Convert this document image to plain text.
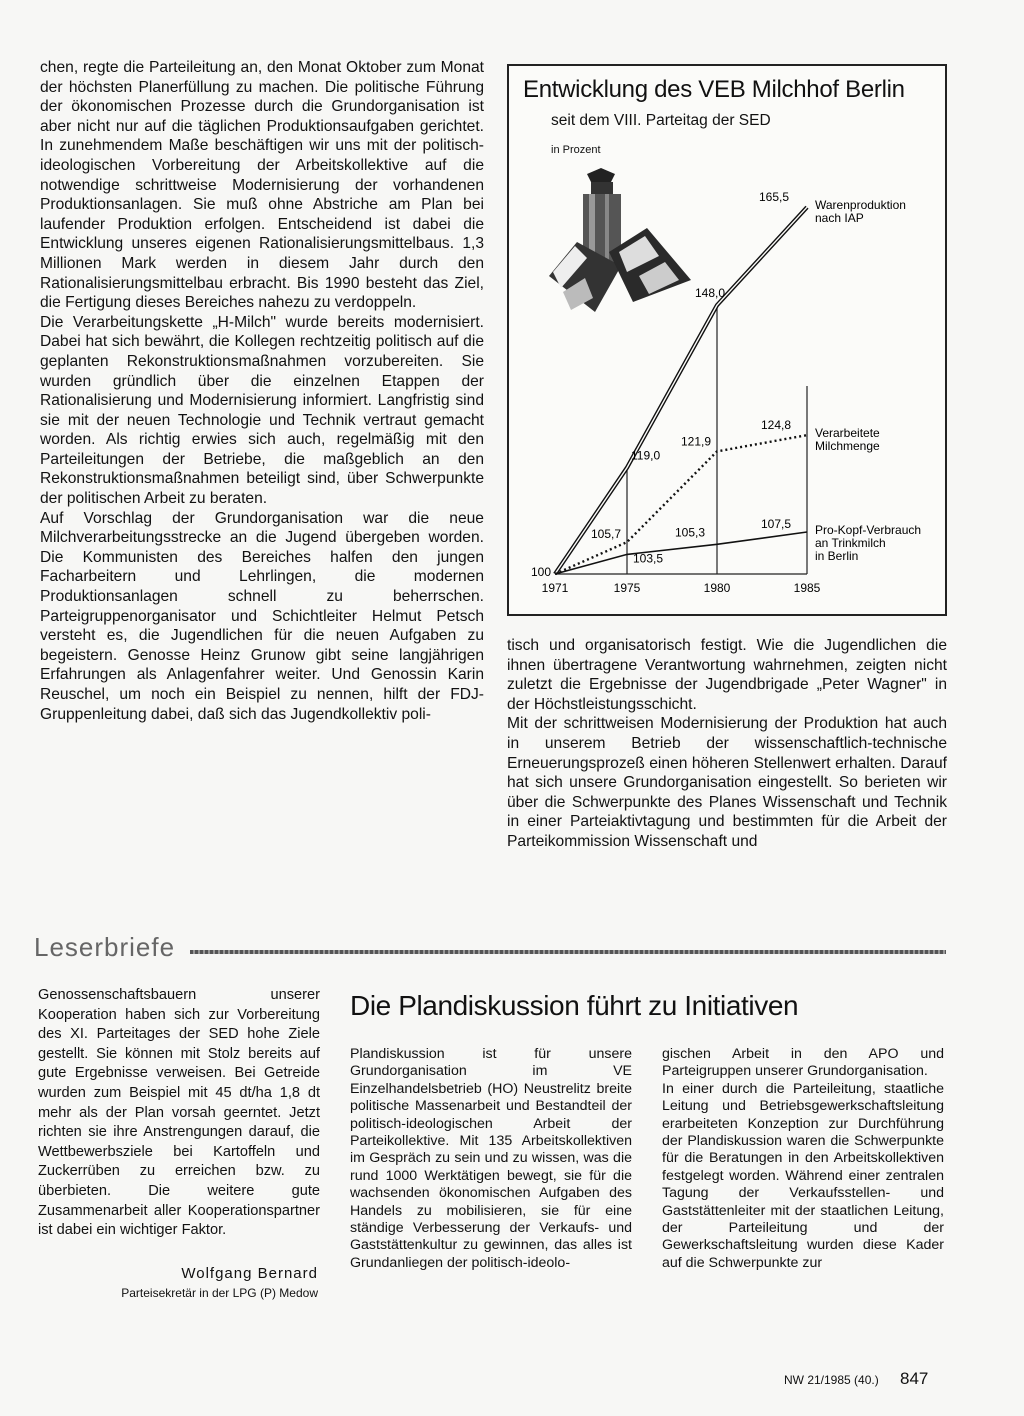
chen, regte die Parteileitung an, den Monat Oktober zum Monat der höchsten Planerfüllung zu machen. Die politische Führung der ökonomischen Prozesse durch die Grundorganisation ist aber nicht nur auf die täglichen Produktionsaufgaben gerichtet. In zunehmendem Maße beschäftigen wir uns mit der politisch-ideologischen Vorbereitung der Arbeitskollektive auf die notwendige schrittweise Modernisierung der vorhandenen Produktionsanlagen. Sie muß ohne Abstriche am Plan bei laufender Produktion erfolgen. Entscheidend ist dabei die Entwicklung unseres eigenen Rationalisierungsmittelbaus. 1,3 Millionen Mark werden in diesem Jahr durch den Rationalisierungsmittelbau erbracht. Bis 1990 besteht das Ziel, die Fertigung dieses Bereiches nahezu zu verdoppeln.

Die Verarbeitungskette „H-Milch" wurde bereits modernisiert. Dabei hat sich bewährt, die Kollegen rechtzeitig politisch auf die geplanten Rekonstruktionsmaßnahmen vorzubereiten. Sie wurden gründlich über die einzelnen Etappen der Rationalisierung und Modernisierung informiert. Langfristig sind sie mit der neuen Technologie und Technik vertraut gemacht worden. Als richtig erwies sich auch, regelmäßig mit den Parteileitungen der Betriebe, die maßgeblich an den Rekonstruktionsmaßnahmen beteiligt sind, über Schwerpunkte der politischen Arbeit zu beraten.

Auf Vorschlag der Grundorganisation war die neue Milchverarbeitungsstrecke an die Jugend übergeben worden. Die Kommunisten des Bereiches halfen den jungen Facharbeitern und Lehrlingen, die modernen Produktionsanlagen schnell zu beherrschen. Parteigruppenorganisator und Schichtleiter Helmut Petsch versteht es, die Jugendlichen für die neuen Aufgaben zu begeistern. Genosse Heinz Grunow gibt seine langjährigen Erfahrungen als Anlagenfahrer weiter. Und Genossin Karin Reuschel, um noch ein Beispiel zu nennen, hilft der FDJ-Gruppenleitung dabei, daß sich das Jugendkollektiv poli-

Entwicklung des VEB Milchhof Berlin
seit dem VIII. Parteitag der SED
in Prozent
1971	1975	1980	1985
100
119,0
148,0
165,5
Warenproduktion
nach IAP
105,7
121,9
124,8
Verarbeitete
Milchmenge
103,5
105,3
107,5 Pro-Kopf-Verbrauch
an Trinkmilch
in Berlin

tisch und organisatorisch festigt. Wie die Jugendlichen die ihnen übertragene Verantwortung wahrnehmen, zeigten nicht zuletzt die Ergebnisse der Jugendbrigade „Peter Wagner" in der Höchstleistungsschicht.

Mit der schrittweisen Modernisierung der Produktion hat auch in unserem Betrieb der wissenschaftlich-technische Erneuerungsprozeß einen höheren Stellenwert erhalten. Darauf hat sich unsere Grundorganisation eingestellt. So berieten wir über die Schwerpunkte des Planes Wissenschaft und Technik in einer Parteiaktivtagung und bestimmten für die Arbeit der Parteikommission Wissenschaft und

Leserbriefe
Genossenschaftsbauern unserer Kooperation haben sich zur Vorbereitung des XI. Parteitages der SED hohe Ziele gestellt. Sie können mit Stolz bereits auf gute Ergebnisse verweisen. Bei Getreide wurden zum Beispiel mit 45 dt/ha 1,8 dt mehr als der Plan vorsah geerntet. Jetzt richten sie ihre Anstrengungen darauf, die Wettbewerbsziele bei Kartoffeln und Zuckerrüben zu erreichen bzw. zu überbieten. Die weitere gute Zusammenarbeit aller Kooperationspartner ist dabei ein wichtiger Faktor.
Wolfgang Bernard
Parteisekretär in der LPG (P) Medow
Die Plandiskussion führt zu Initiativen
Plandiskussion ist für unsere Grundorganisation im VE Einzelhandelsbetrieb (HO) Neustrelitz breite politische Massenarbeit und Bestandteil der politisch-ideologischen Arbeit der Parteikollektive. Mit 135 Arbeitskollektiven im Gespräch zu sein und zu wissen, was die rund 1000 Werktätigen bewegt, sie für die wachsenden ökonomischen Aufgaben des Handels zu mobilisieren, sie für eine ständige Verbesserung der Verkaufs- und Gaststättenkultur zu gewinnen, das alles ist Grundanliegen der politisch-ideolo-
gischen Arbeit in den APO und Parteigruppen unserer Grundorganisation.
In einer durch die Parteileitung, staatliche Leitung und Betriebsgewerkschaftsleitung erarbeiteten Konzeption zur Durchführung der Plandiskussion waren die Schwerpunkte für die Beratungen in den Arbeitskollektiven festgelegt worden. Während einer zentralen Tagung der Verkaufsstellen- und Gaststättenleiter mit der staatlichen Leitung, der Parteileitung und der Gewerkschaftsleitung wurden diese Kader auf die Schwerpunkte zur
NW 21/1985 (40.) 847
